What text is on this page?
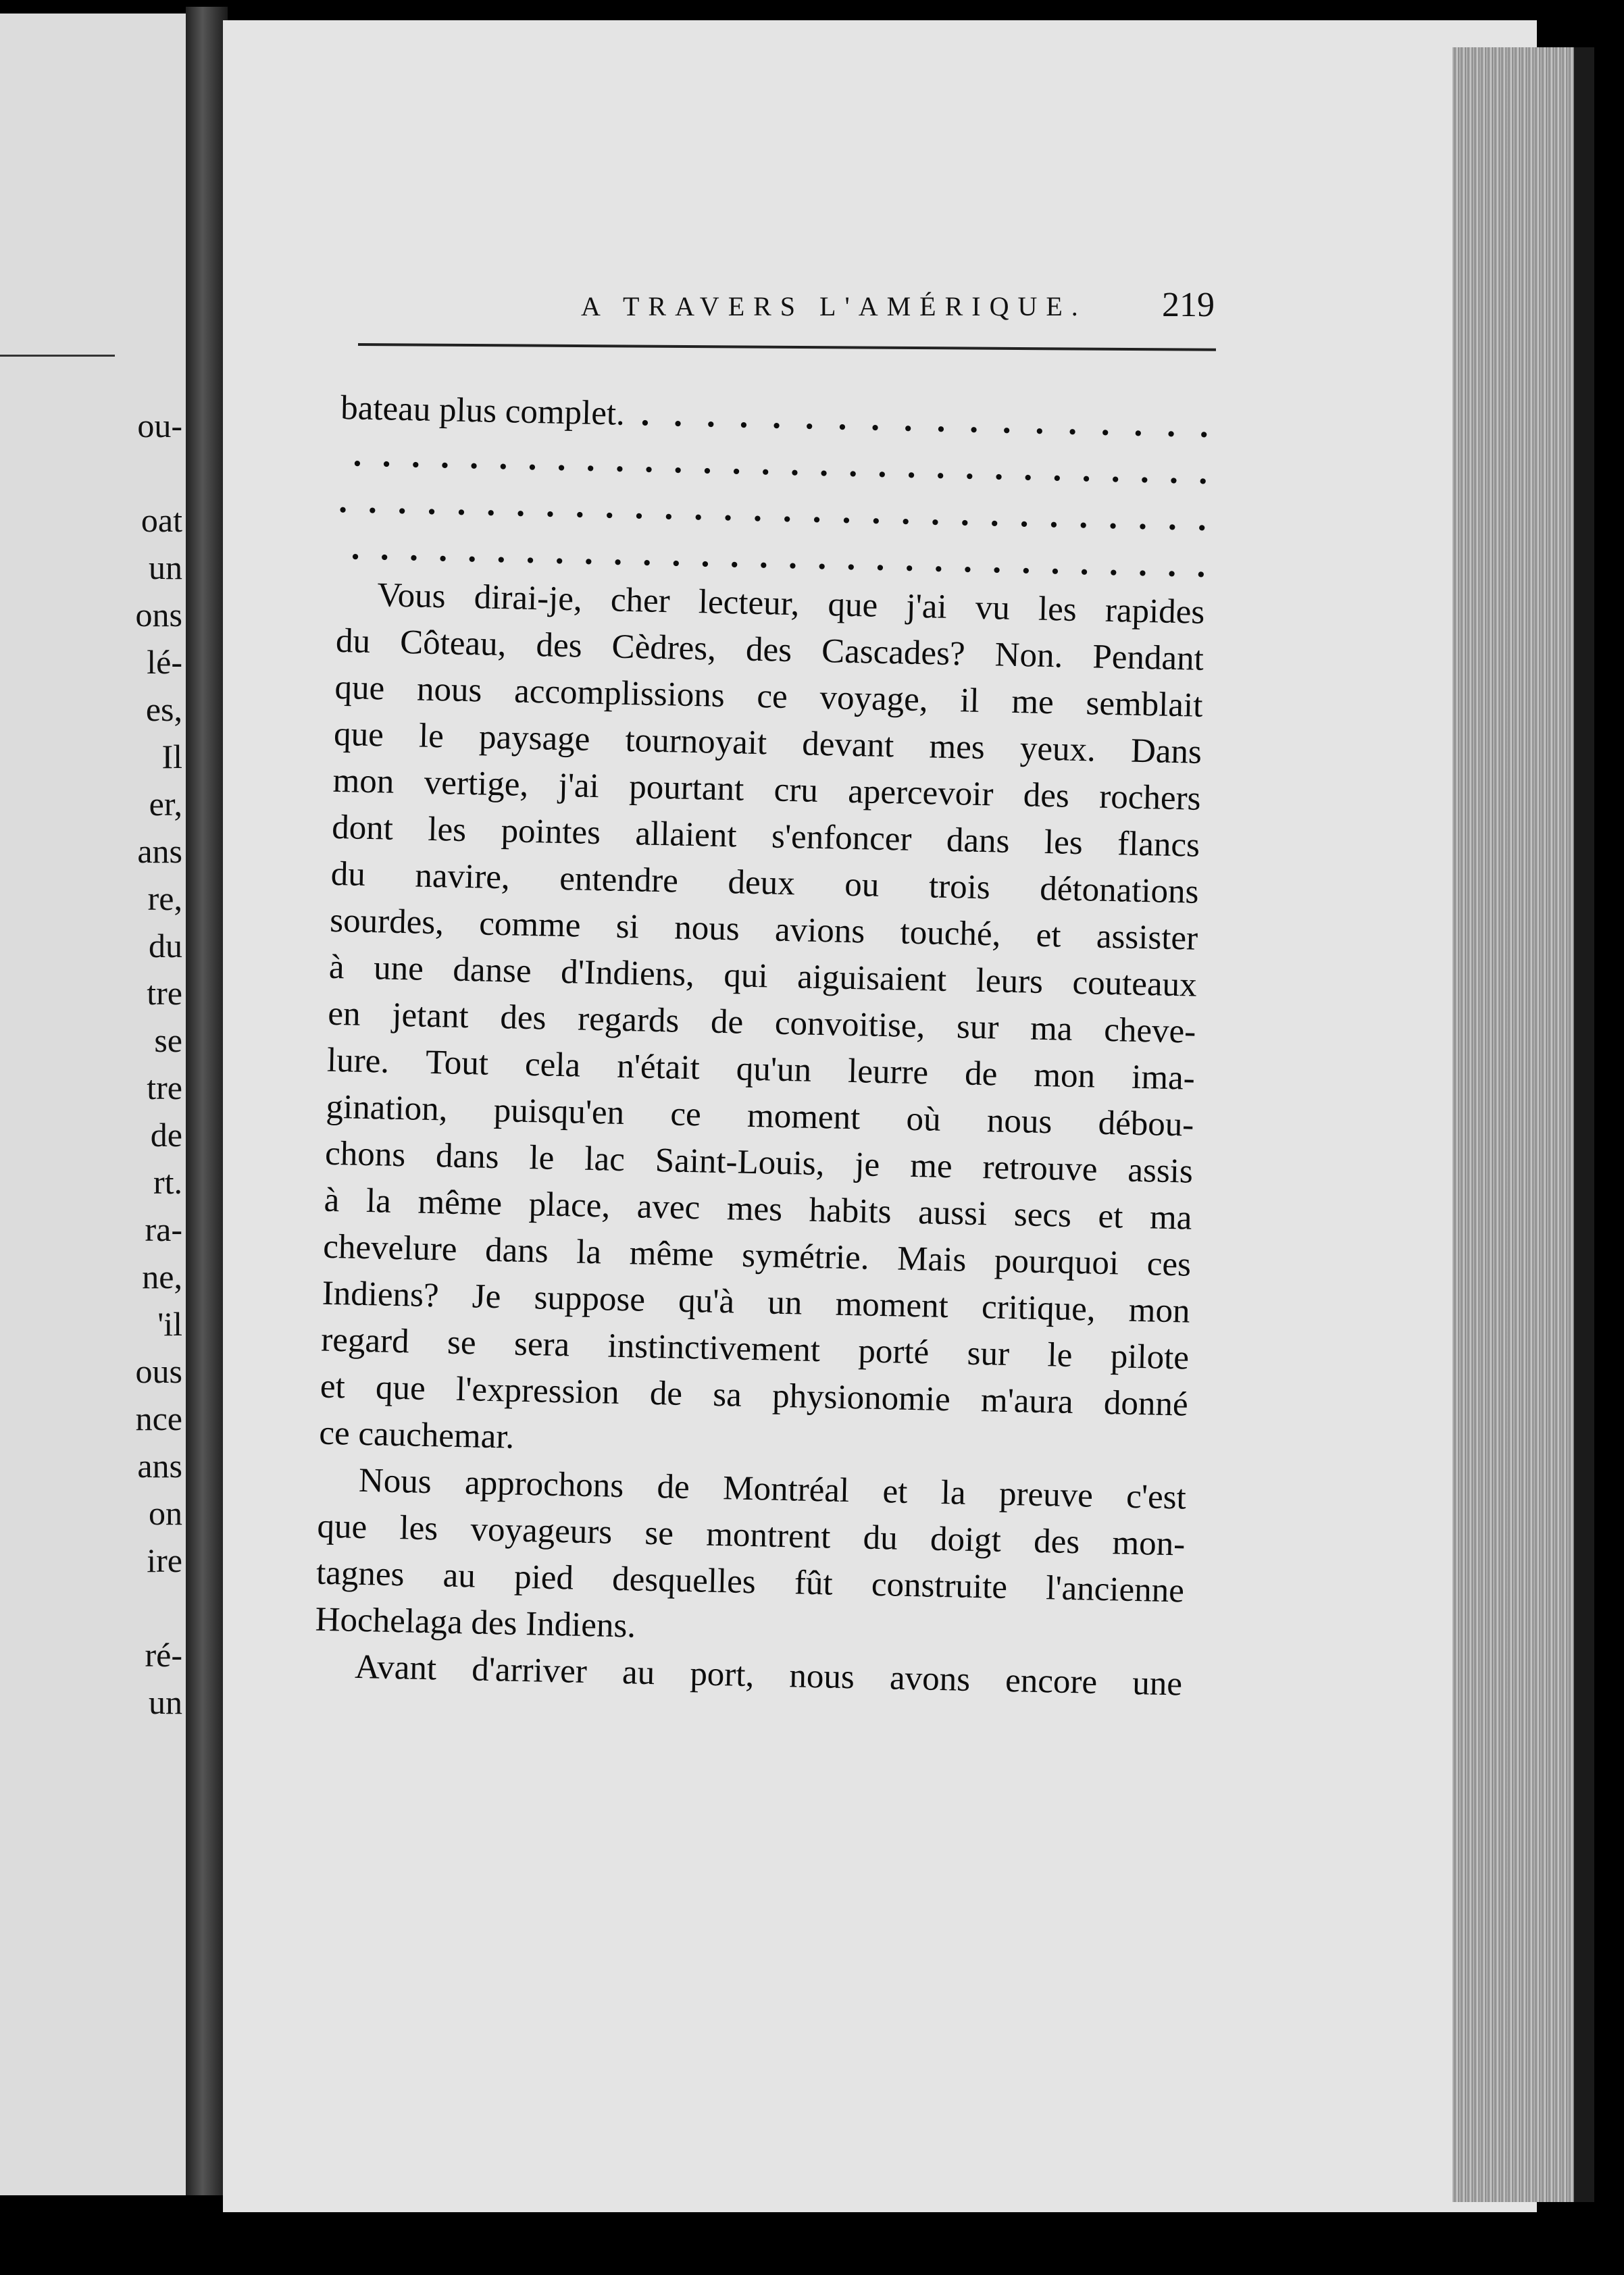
ou-
oat
un
ons
lé-
es,
Il
er,
ans
re,
du
tre
se
tre
de
rt.
ra-
ne,
'il
ous
nce
ans
on
ire
ré-
un
A TRAVERS L'AMÉRIQUE. 219
bateau plus complet. . . . . . . . . . . . . . . . . . .
. . . . . . . . . . . . . . . . . . . . . . . . . . . . . .
. . . . . . . . . . . . . . . . . . . . . . . . . . . . . .
. . . . . . . . . . . . . . . . . . . . . . . . . . . . . .
Vous dirai-je, cher lecteur, que j'ai vu les rapides
du Côteau, des Cèdres, des Cascades? Non. Pendant
que nous accomplissions ce voyage, il me semblait
que le paysage tournoyait devant mes yeux. Dans
mon vertige, j'ai pourtant cru apercevoir des rochers
dont les pointes allaient s'enfoncer dans les flancs
du navire, entendre deux ou trois détonations
sourdes, comme si nous avions touché, et assister
à une danse d'Indiens, qui aiguisaient leurs couteaux
en jetant des regards de convoitise, sur ma cheve-
lure. Tout cela n'était qu'un leurre de mon ima-
gination, puisqu'en ce moment où nous débou-
chons dans le lac Saint-Louis, je me retrouve assis
à la même place, avec mes habits aussi secs et ma
chevelure dans la même symétrie. Mais pourquoi ces
Indiens? Je suppose qu'à un moment critique, mon
regard se sera instinctivement porté sur le pilote
et que l'expression de sa physionomie m'aura donné
ce cauchemar.
Nous approchons de Montréal et la preuve c'est
que les voyageurs se montrent du doigt des mon-
tagnes au pied desquelles fût construite l'ancienne
Hochelaga des Indiens.
Avant d'arriver au port, nous avons encore une
